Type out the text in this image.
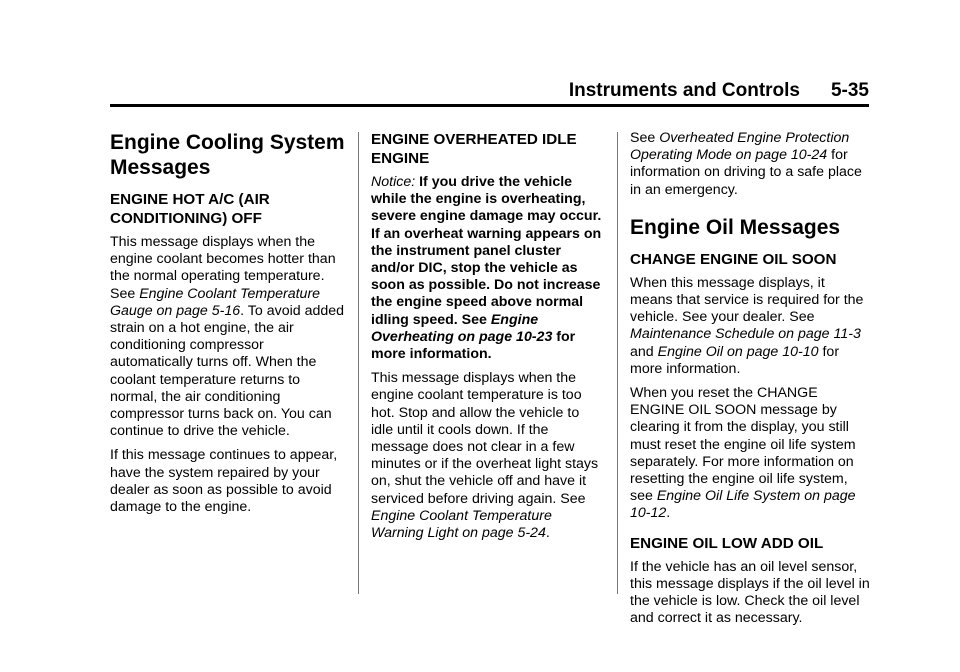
Instruments and Controls 5-35
Engine Cooling System Messages
ENGINE HOT A/C (AIR CONDITIONING) OFF

This message displays when the engine coolant becomes hotter than the normal operating temperature. See Engine Coolant Temperature Gauge on page 5-16. To avoid added strain on a hot engine, the air conditioning compressor automatically turns off. When the coolant temperature returns to normal, the air conditioning compressor turns back on. You can continue to drive the vehicle.

If this message continues to appear, have the system repaired by your dealer as soon as possible to avoid damage to the engine.

ENGINE OVERHEATED IDLE ENGINE

Notice: If you drive the vehicle while the engine is overheating, severe engine damage may occur. If an overheat warning appears on the instrument panel cluster and/or DIC, stop the vehicle as soon as possible. Do not increase the engine speed above normal idling speed. See Engine Overheating on page 10-23 for more information.

This message displays when the engine coolant temperature is too hot. Stop and allow the vehicle to idle until it cools down. If the message does not clear in a few minutes or if the overheat light stays on, shut the vehicle off and have it serviced before driving again. See Engine Coolant Temperature Warning Light on page 5-24.

See Overheated Engine Protection Operating Mode on page 10-24 for information on driving to a safe place in an emergency.

Engine Oil Messages
CHANGE ENGINE OIL SOON

When this message displays, it means that service is required for the vehicle. See your dealer. See Maintenance Schedule on page 11-3 and Engine Oil on page 10-10 for more information.

When you reset the CHANGE ENGINE OIL SOON message by clearing it from the display, you still must reset the engine oil life system separately. For more information on resetting the engine oil life system, see Engine Oil Life System on page 10-12.

ENGINE OIL LOW ADD OIL

If the vehicle has an oil level sensor, this message displays if the oil level in the vehicle is low. Check the oil level and correct it as necessary.
